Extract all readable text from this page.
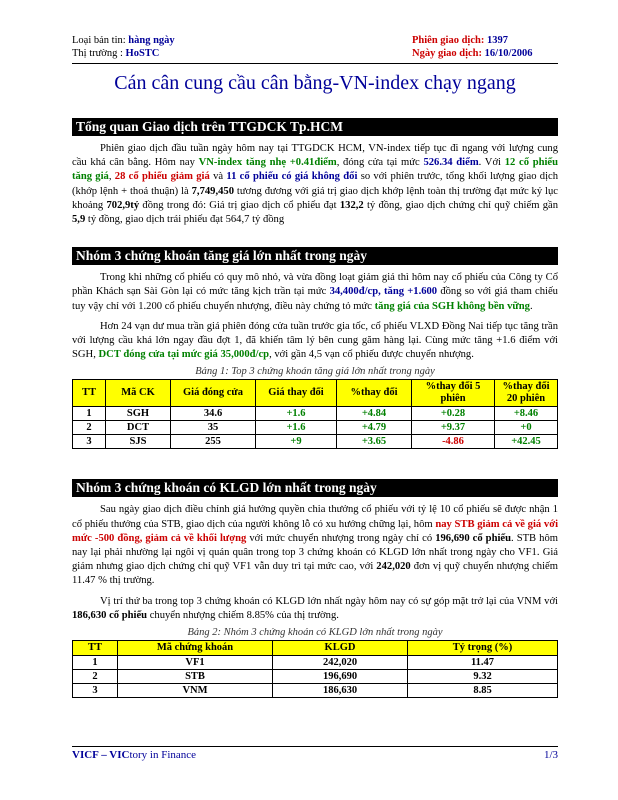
Loại bản tin: hàng ngày	Phiên giao dịch: 1397
Thị trường : HoSTC	Ngày giao dịch: 16/10/2006
Cán cân cung cầu cân bằng-VN-index chạy ngang
Tổng quan Giao dịch trên TTGDCK Tp.HCM

Phiên giao dịch đầu tuần ngày hôm nay tại TTGDCK HCM, VN-index tiếp tục đi ngang với lượng cung cầu khá cân bằng. Hôm nay VN-index tăng nhẹ +0.41điểm, đóng cửa tại mức 526.34 điểm. Với 12 cổ phiếu tăng giá, 28 cổ phiếu giảm giá và 11 cổ phiếu có giá không đổi so với phiên trước, tổng khối lượng giao dịch (khớp lệnh + thoả thuận) là 7,749,450 tương đương với giá trị giao dịch khớp lệnh toàn thị trường đạt mức kỷ lục khoảng 702,9tỷ đồng trong đó: Giá trị giao dịch cổ phiếu đạt 132,2 tỷ đồng, giao dịch chứng chỉ quỹ chiếm gần 5,9 tỷ đồng, giao dịch trái phiếu đạt 564,7 tỷ đồng

Nhóm 3 chứng khoán tăng giá lớn nhất trong ngày

Trong khi những cổ phiếu có quy mô nhỏ, và vừa đồng loạt giảm giá thì hôm nay cổ phiếu của Công ty Cổ phần Khách sạn Sài Gòn lại có mức tăng kịch trần tại mức 34,400đ/cp, tăng +1.600 đồng so với giá tham chiếu tuy vậy chỉ với 1.200 cổ phiếu chuyển nhượng, điều này chứng tỏ mức tăng giá của SGH không bền vững.

Hơn 24 vạn dư mua trần giá phiên đóng cửa tuần trước gia tốc, cổ phiếu VLXD Đồng Nai tiếp tục tăng trần với lượng cầu khá lớn ngay đầu đợt 1, đã khiến tâm lý bên cung găm hàng lại. Cùng mức tăng +1.6 điểm với SGH, DCT đóng cửa tại mức giá 35,000đ/cp, với gần 4,5 vạn cổ phiếu được chuyển nhượng.

Bảng 1: Top 3 chứng khoán tăng giá lớn nhất trong ngày
TT	Mã CK	Giá đóng cửa	Giá thay đổi	%thay đổi	%thay đổi 5 phiên	%thay đổi 20 phiên
1	SGH	34.6	+1.6	+4.84	+0.28	+8.46
2	DCT	35	+1.6	+4.79	+9.37	+0
3	SJS	255	+9	+3.65	-4.86	+42.45
Nhóm 3 chứng khoán có KLGD lớn nhất trong ngày

Sau ngày giao dịch điều chỉnh giá hưởng quyền chia thưởng cổ phiếu với tỷ lệ 10 cổ phiếu sẽ được nhận 1 cổ phiếu thưởng của STB, giao dịch của người không lỗ có xu hướng chững lại, hôm nay STB giảm cả về giá với mức -500 đồng, giảm cả về khối lượng với mức chuyển nhượng trong ngày chỉ có 196,690 cổ phiếu. STB hôm nay lại phải nhường lại ngôi vị quán quân trong top 3 chứng khoán có KLGD lớn nhất trong ngày cho VF1. Giá giảm nhưng giao dịch chứng chỉ quỹ VF1 vẫn duy trì tại mức cao, với 242,020 đơn vị quỹ chuyển nhượng chiếm 11.47 % thị trường.

Vị trí thứ ba trong top 3 chứng khoán có KLGD lớn nhất ngày hôm nay có sự góp mặt trở lại của VNM với 186,630 cổ phiếu chuyển nhượng chiếm 8.85% của thị trường.

Bảng 2: Nhóm 3 chứng khoán có KLGD lớn nhất trong ngày
TT	Mã chứng khoán	KLGD	Tỷ trọng (%)
1	VF1	242,020	11.47
2	STB	196,690	9.32
3	VNM	186,630	8.85
VICF – VICtory in Finance	1/3
